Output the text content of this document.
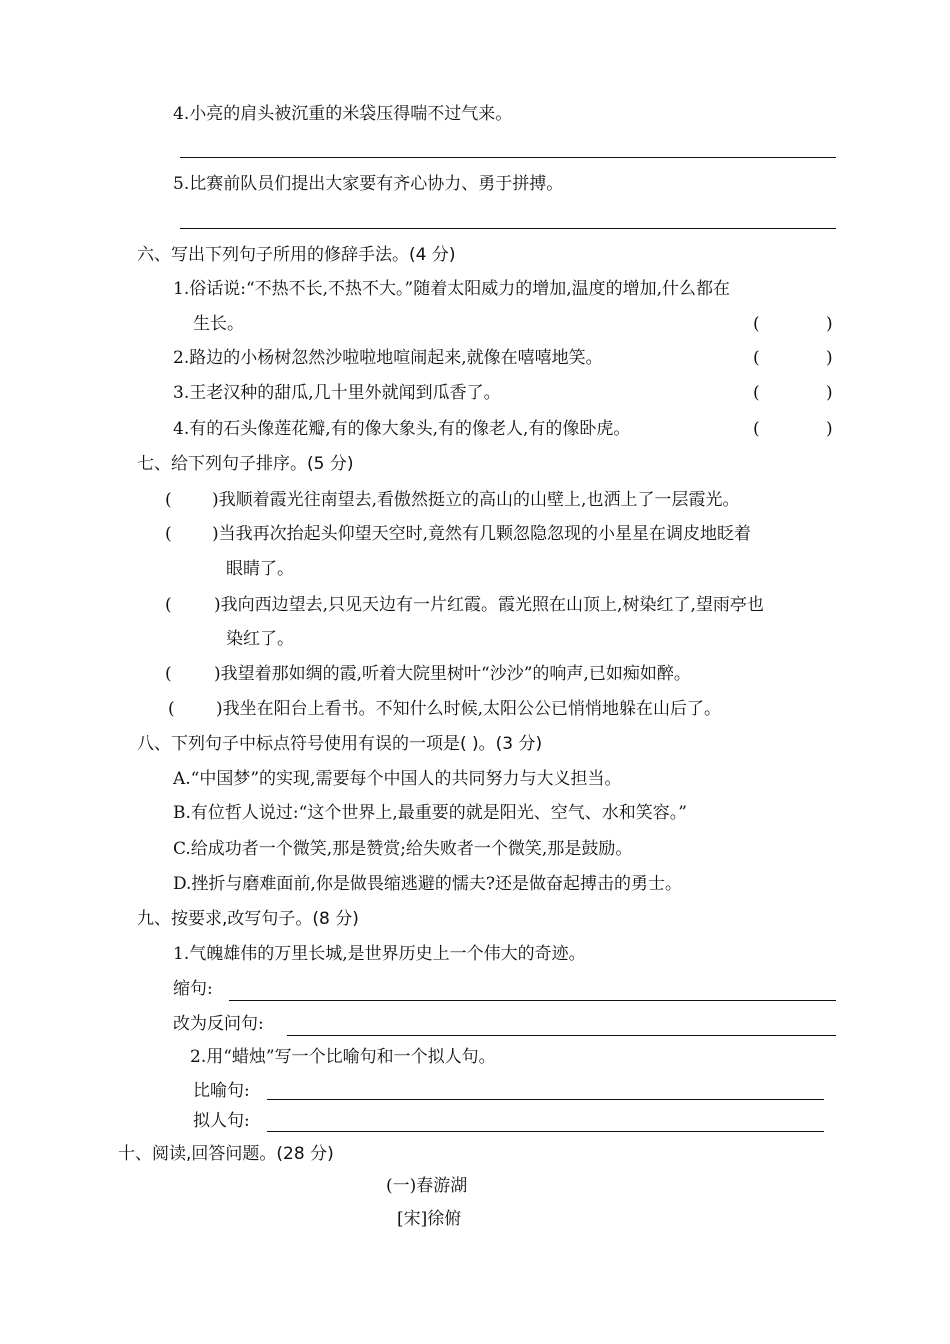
4.小亮的肩头被沉重的米袋压得喘不过气来。
5.比赛前队员们提出大家要有齐心协力、勇于拼搏。
六、写出下列句子所用的修辞手法。(4 分)
1.俗话说:“不热不长,不热不大。”随着太阳威力的增加,温度的增加,什么都在
生长。	(	)
2.路边的小杨树忽然沙啦啦地喧闹起来,就像在嘻嘻地笑。	(	)
3.王老汉种的甜瓜,几十里外就闻到瓜香了。	(	)
4.有的石头像莲花瓣,有的像大象头,有的像老人,有的像卧虎。	(	)
七、给下列句子排序。(5 分)
( )我顺着霞光往南望去,看傲然挺立的高山的山壁上,也洒上了一层霞光。
( )当我再次抬起头仰望天空时,竟然有几颗忽隐忽现的小星星在调皮地眨着
眼睛了。
( )我向西边望去,只见天边有一片红霞。霞光照在山顶上,树染红了,望雨亭也
染红了。
( )我望着那如绸的霞,听着大院里树叶“沙沙”的响声,已如痴如醉。
( )我坐在阳台上看书。不知什么时候,太阳公公已悄悄地躲在山后了。
八、下列句子中标点符号使用有误的一项是( )。(3 分)
A.“中国梦”的实现,需要每个中国人的共同努力与大义担当。
B.有位哲人说过:“这个世界上,最重要的就是阳光、空气、水和笑容。”
C.给成功者一个微笑,那是赞赏;给失败者一个微笑,那是鼓励。
D.挫折与磨难面前,你是做畏缩逃避的懦夫?还是做奋起搏击的勇士。
九、按要求,改写句子。(8 分)
1.气魄雄伟的万里长城,是世界历史上一个伟大的奇迹。
缩句:
改为反问句:
2.用“蜡烛”写一个比喻句和一个拟人句。
比喻句:
拟人句:
十、阅读,回答问题。(28 分)
(一)春游湖
[宋]徐俯
